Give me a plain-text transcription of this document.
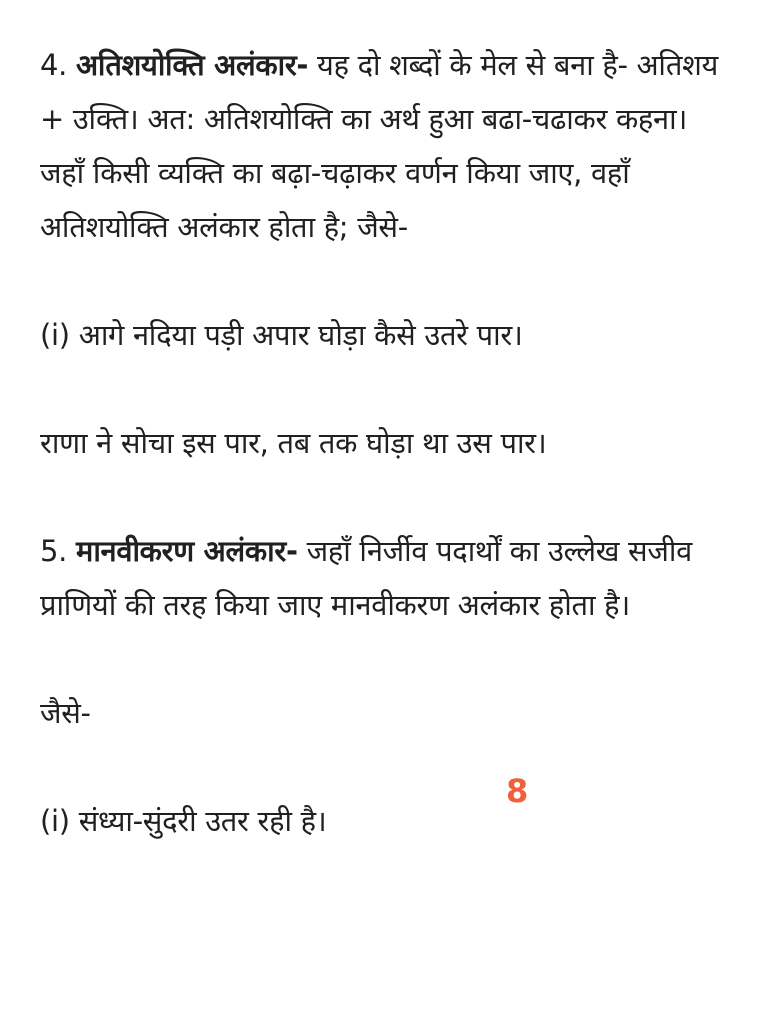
4. अतिशयोक्ति अलंकार- यह दो शब्दों के मेल से बना है- अतिशय + उक्ति। अत: अतिशयोक्ति का अर्थ हुआ बढा-चढाकर कहना। जहाँ किसी व्यक्ति का बढ़ा-चढ़ाकर वर्णन किया जाए, वहाँ अतिशयोक्ति अलंकार होता है; जैसे-

(i) आगे नदिया पड़ी अपार घोड़ा कैसे उतरे पार।

राणा ने सोचा इस पार, तब तक घोड़ा था उस पार।

5. मानवीकरण अलंकार- जहाँ निर्जीव पदार्थों का उल्लेख सजीव प्राणियों की तरह किया जाए मानवीकरण अलंकार होता है।

जैसे-

(i) संध्या-सुंदरी उतर रही है।

8
